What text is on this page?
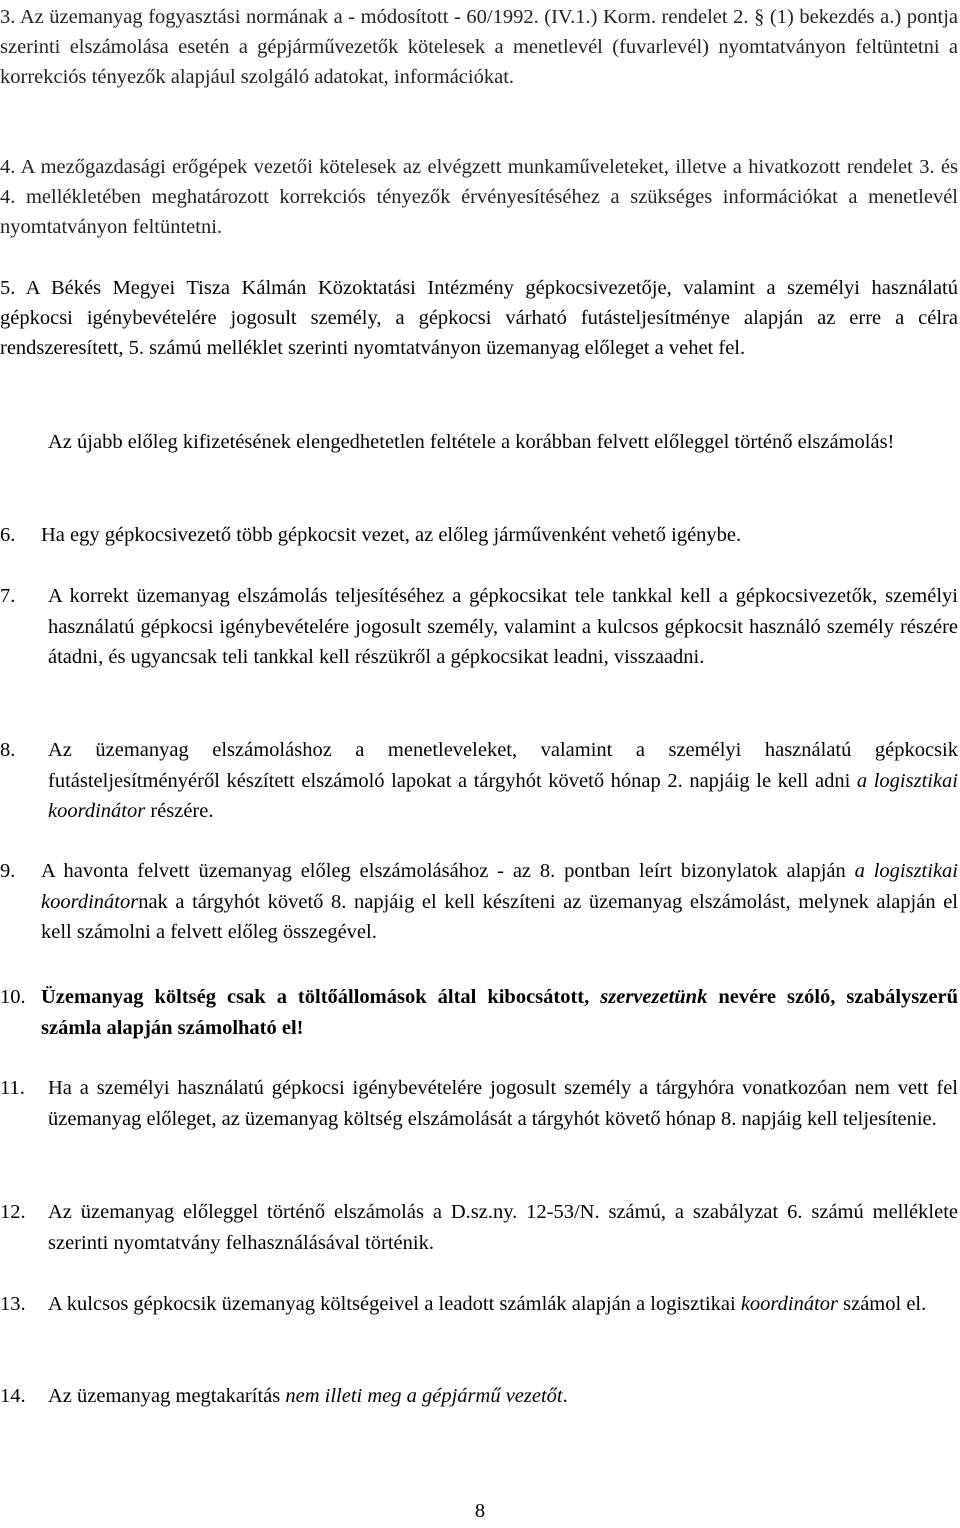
3. Az üzemanyag fogyasztási normának a - módosított - 60/1992. (IV.1.) Korm. rendelet 2. § (1) bekezdés a.) pontja szerinti elszámolása esetén a gépjárművezetők kötelesek a menetlevél (fuvarlevél) nyomtatványon feltüntetni a korrekciós tényezők alapjául szolgáló adatokat, információkat.

4. A mezőgazdasági erőgépek vezetői kötelesek az elvégzett munkaműveleteket, illetve a hivatkozott rendelet 3. és 4. mellékletében meghatározott korrekciós tényezők érvényesítéséhez a szükséges információkat a menetlevél nyomtatványon feltüntetni.

5. A Békés Megyei Tisza Kálmán Közoktatási Intézmény gépkocsivezetője, valamint a személyi használatú gépkocsi igénybevételére jogosult személy, a gépkocsi várható futásteljesítménye alapján az erre a célra rendszeresített, 5. számú melléklet szerinti nyomtatványon üzemanyag előleget a vehet fel.

Az újabb előleg kifizetésének elengedhetetlen feltétele a korábban felvett előleggel történő elszámolás!

6. Ha egy gépkocsivezető több gépkocsit vezet, az előleg járművenként vehető igénybe.
7. A korrekt üzemanyag elszámolás teljesítéséhez a gépkocsikat tele tankkal kell a gépkocsivezetők, személyi használatú gépkocsi igénybevételére jogosult személy, valamint a kulcsos gépkocsit használó személy részére átadni, és ugyancsak teli tankkal kell részükről a gépkocsikat leadni, visszaadni.
8. Az üzemanyag elszámoláshoz a menetleveleket, valamint a személyi használatú gépkocsik futásteljesítményéről készített elszámoló lapokat a tárgyhót követő hónap 2. napjáig le kell adni a logisztikai koordinátor részére.
9. A havonta felvett üzemanyag előleg elszámolásához - az 8. pontban leírt bizonylatok alapján a logisztikai koordinátornak a tárgyhót követő 8. napjáig el kell készíteni az üzemanyag elszámolást, melynek alapján el kell számolni a felvett előleg összegével.
10. Üzemanyag költség csak a töltőállomások által kibocsátott, szervezetünk nevére szóló, szabályszerű számla alapján számolható el!
11. Ha a személyi használatú gépkocsi igénybevételére jogosult személy a tárgyhóra vonatkozóan nem vett fel üzemanyag előleget, az üzemanyag költség elszámolását a tárgyhót követő hónap 8. napjáig kell teljesítenie.
12. Az üzemanyag előleggel történő elszámolás a D.sz.ny. 12-53/N. számú, a szabályzat 6. számú melléklete szerinti nyomtatvány felhasználásával történik.
13. A kulcsos gépkocsik üzemanyag költségeivel a leadott számlák alapján a logisztikai koordinátor számol el.
14. Az üzemanyag megtakarítás nem illeti meg a gépjármű vezetőt.
8
